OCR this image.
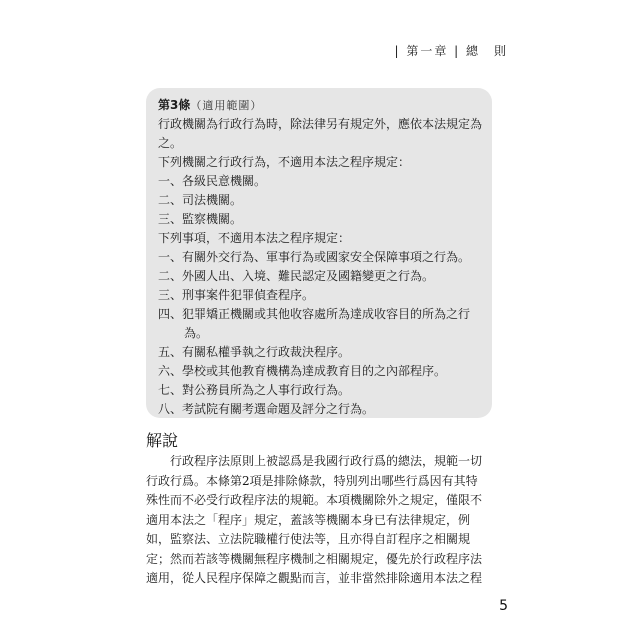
| 第一章 | 總　則
第3條（適用範圍）
行政機關為行政行為時，除法律另有規定外，應依本法規定為
之。
下列機關之行政行為，不適用本法之程序規定：
一、各級民意機關。
二、司法機關。
三、監察機關。
下列事項，不適用本法之程序規定：
一、有關外交行為、軍事行為或國家安全保障事項之行為。
二、外國人出、入境、難民認定及國籍變更之行為。
三、刑事案件犯罪偵查程序。
四、犯罪矯正機關或其他收容處所為達成收容目的所為之行
為。
五、有關私權爭執之行政裁決程序。
六、學校或其他教育機構為達成教育目的之內部程序。
七、對公務員所為之人事行政行為。
八、考試院有關考選命題及評分之行為。
解說
行政程序法原則上被認爲是我國行政行爲的總法，規範一切
行政行爲。本條第2項是排除條款，特別列出哪些行爲因有其特
殊性而不必受行政程序法的規範。本項機關除外之規定，僅限不
適用本法之「程序」規定，蓋該等機關本身已有法律規定，例
如，監察法、立法院職權行使法等，且亦得自訂程序之相關規
定；然而若該等機關無程序機制之相關規定，優先於行政程序法
適用，從人民程序保障之觀點而言，並非當然排除適用本法之程
5
